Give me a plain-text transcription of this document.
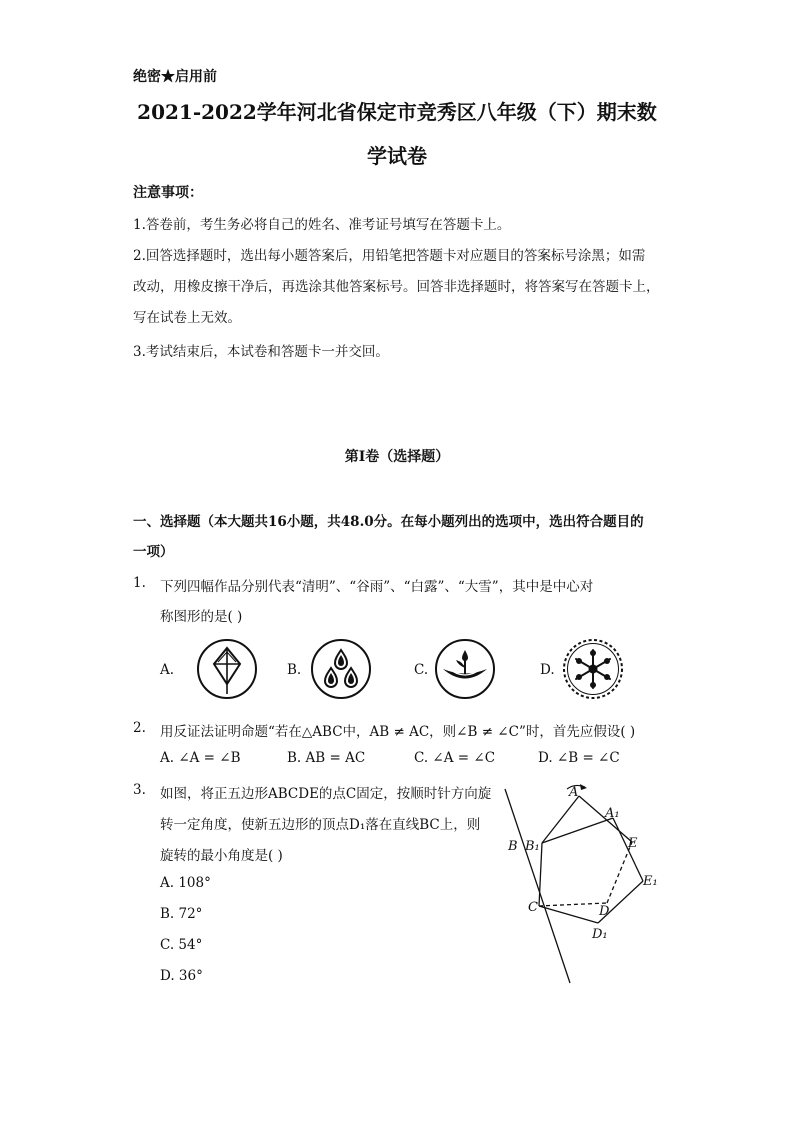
绝密★启用前
2021-2022学年河北省保定市竞秀区八年级（下）期末数
学试卷
注意事项：
1.答卷前，考生务必将自己的姓名、准考证号填写在答题卡上。
2.回答选择题时，选出每小题答案后，用铅笔把答题卡对应题目的答案标号涂黑；如需
改动，用橡皮擦干净后，再选涂其他答案标号。回答非选择题时，将答案写在答题卡上，
写在试卷上无效。
3.考试结束后，本试卷和答题卡一并交回。
第Ⅰ卷（选择题）
一、选择题（本大题共16小题，共48.0分。在每小题列出的选项中，选出符合题目的
一项）
1. 下列四幅作品分别代表“清明”、“谷雨”、“白露”、“大雪”，其中是中心对
称图形的是( )
A.	B.	C.	D.
2. 用反证法证明命题“若在△ABC中，AB ≠ AC，则∠B ≠ ∠C”时，首先应假设( )
A. ∠A = ∠B	B. AB = AC	C. ∠A = ∠C	D. ∠B = ∠C
3. 如图，将正五边形ABCDE的点C固定，按顺时针方向旋
转一定角度，使新五边形的顶点D₁落在直线BC上，则
旋转的最小角度是( )
A. 108°
B. 72°
C. 54°
D. 36°
A
A₁
B B₁	E
E₁
C	D
D₁
